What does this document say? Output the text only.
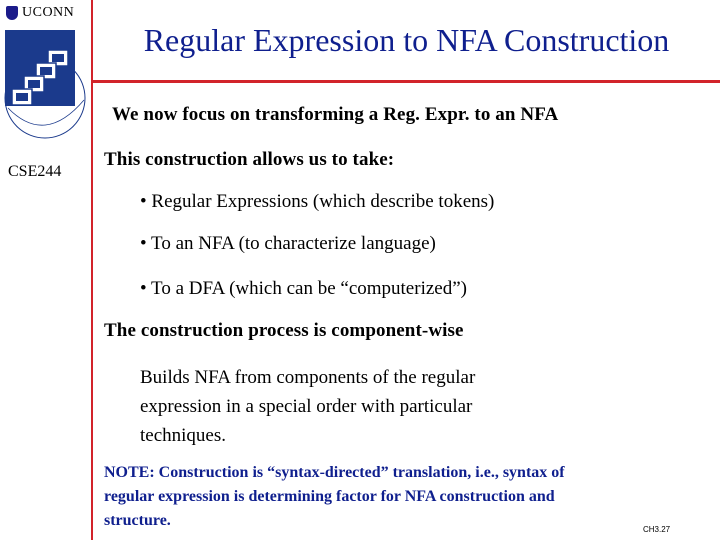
UCONN
CSE244
Regular Expression to NFA Construction
We now focus on transforming a Reg. Expr. to an NFA
This construction allows us to take:
• Regular Expressions (which describe tokens)
• To an NFA (to characterize language)
• To a DFA (which can be “computerized”)
The construction process is component-wise
Builds NFA from components of the regular
expression in a special order with particular
techniques.
NOTE: Construction is “syntax-directed” translation, i.e., syntax of
regular expression is determining factor for NFA construction and
structure.
CH3.27
